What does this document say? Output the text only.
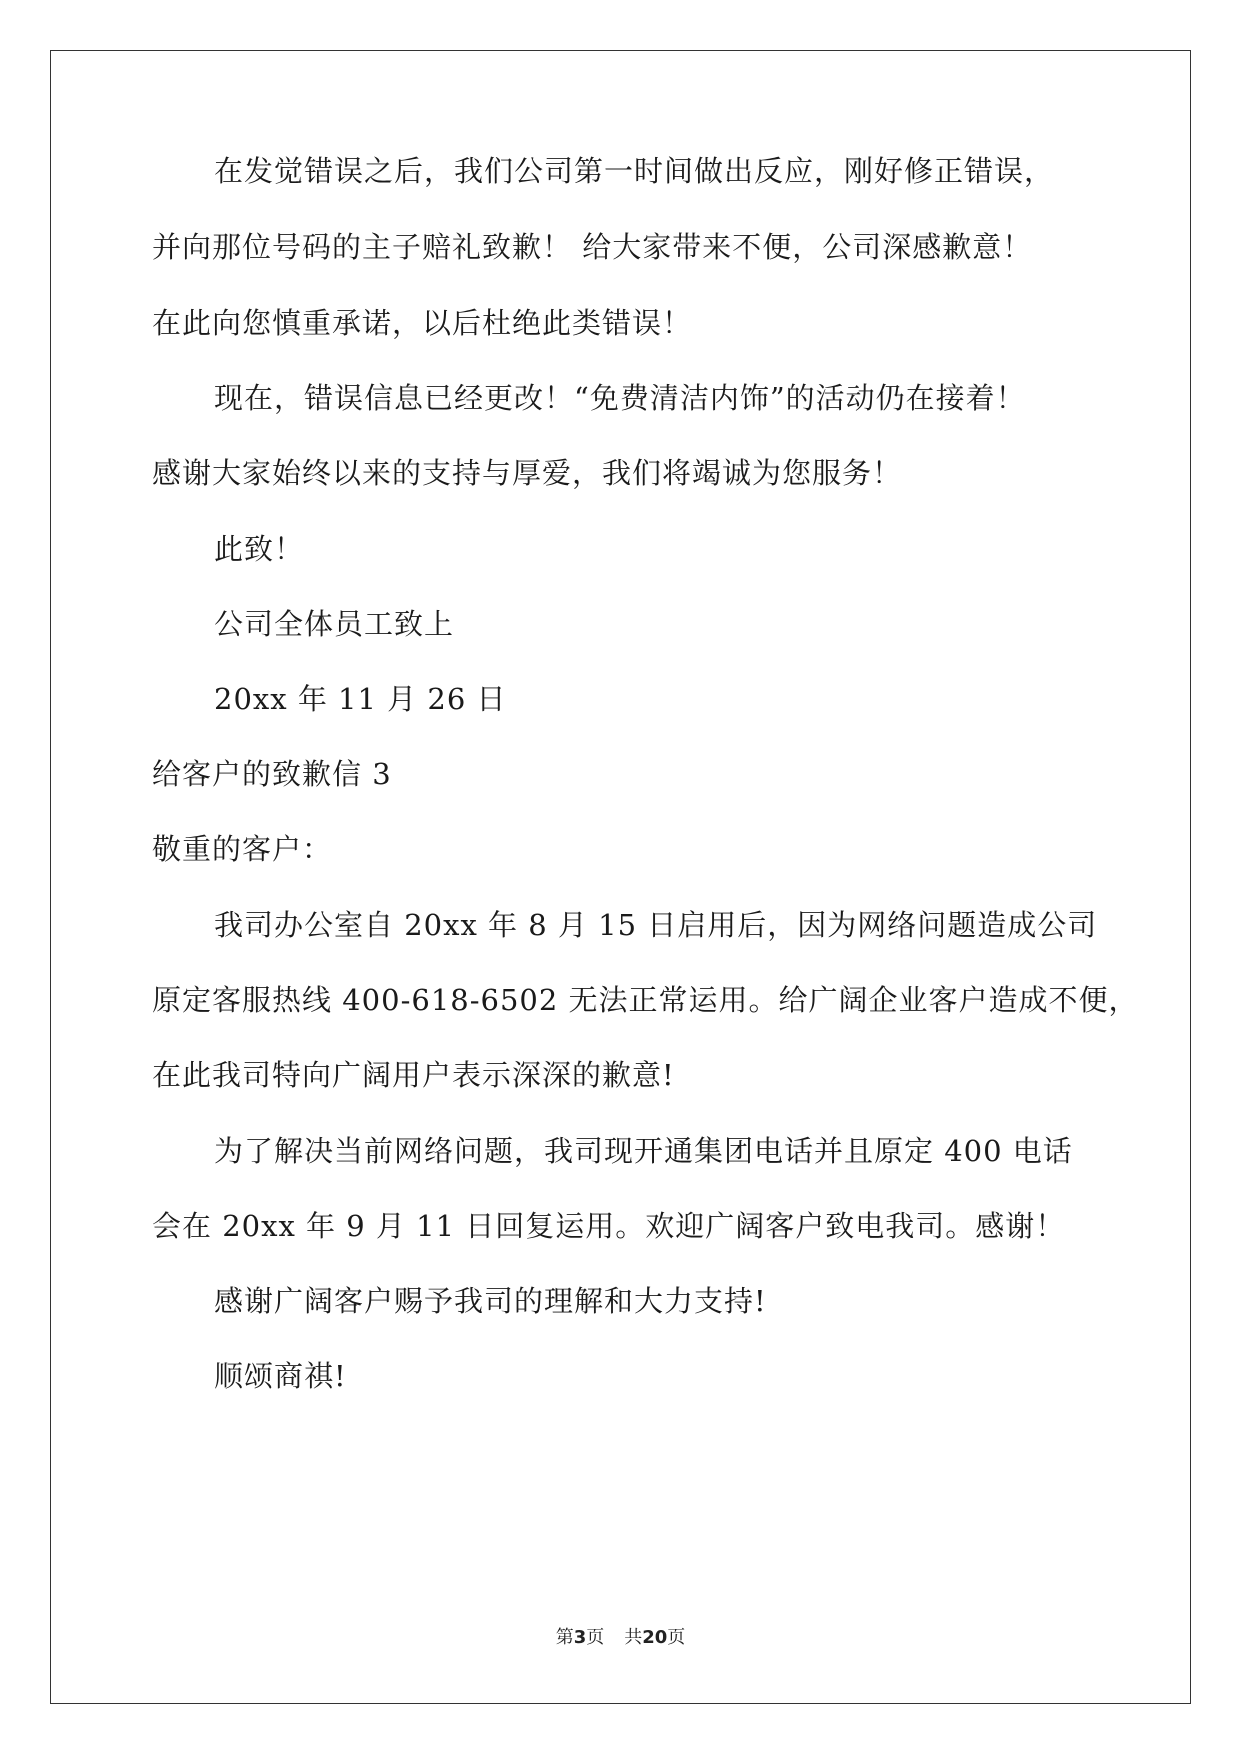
在发觉错误之后，我们公司第一时间做出反应，刚好修正错误，
并向那位号码的主子赔礼致歉！ 给大家带来不便，公司深感歉意！
在此向您慎重承诺，以后杜绝此类错误！
现在，错误信息已经更改！“免费清洁内饰”的活动仍在接着！
感谢大家始终以来的支持与厚爱，我们将竭诚为您服务！
此致！
公司全体员工致上
20xx 年 11 月 26 日
给客户的致歉信 3
敬重的客户：
我司办公室自 20xx 年 8 月 15 日启用后，因为网络问题造成公司
原定客服热线 400-618-6502 无法正常运用。给广阔企业客户造成不便，
在此我司特向广阔用户表示深深的歉意!
为了解决当前网络问题，我司现开通集团电话并且原定 400 电话
会在 20xx 年 9 月 11 日回复运用。欢迎广阔客户致电我司。感谢！
感谢广阔客户赐予我司的理解和大力支持!
顺颂商祺!
第3页 共20页
